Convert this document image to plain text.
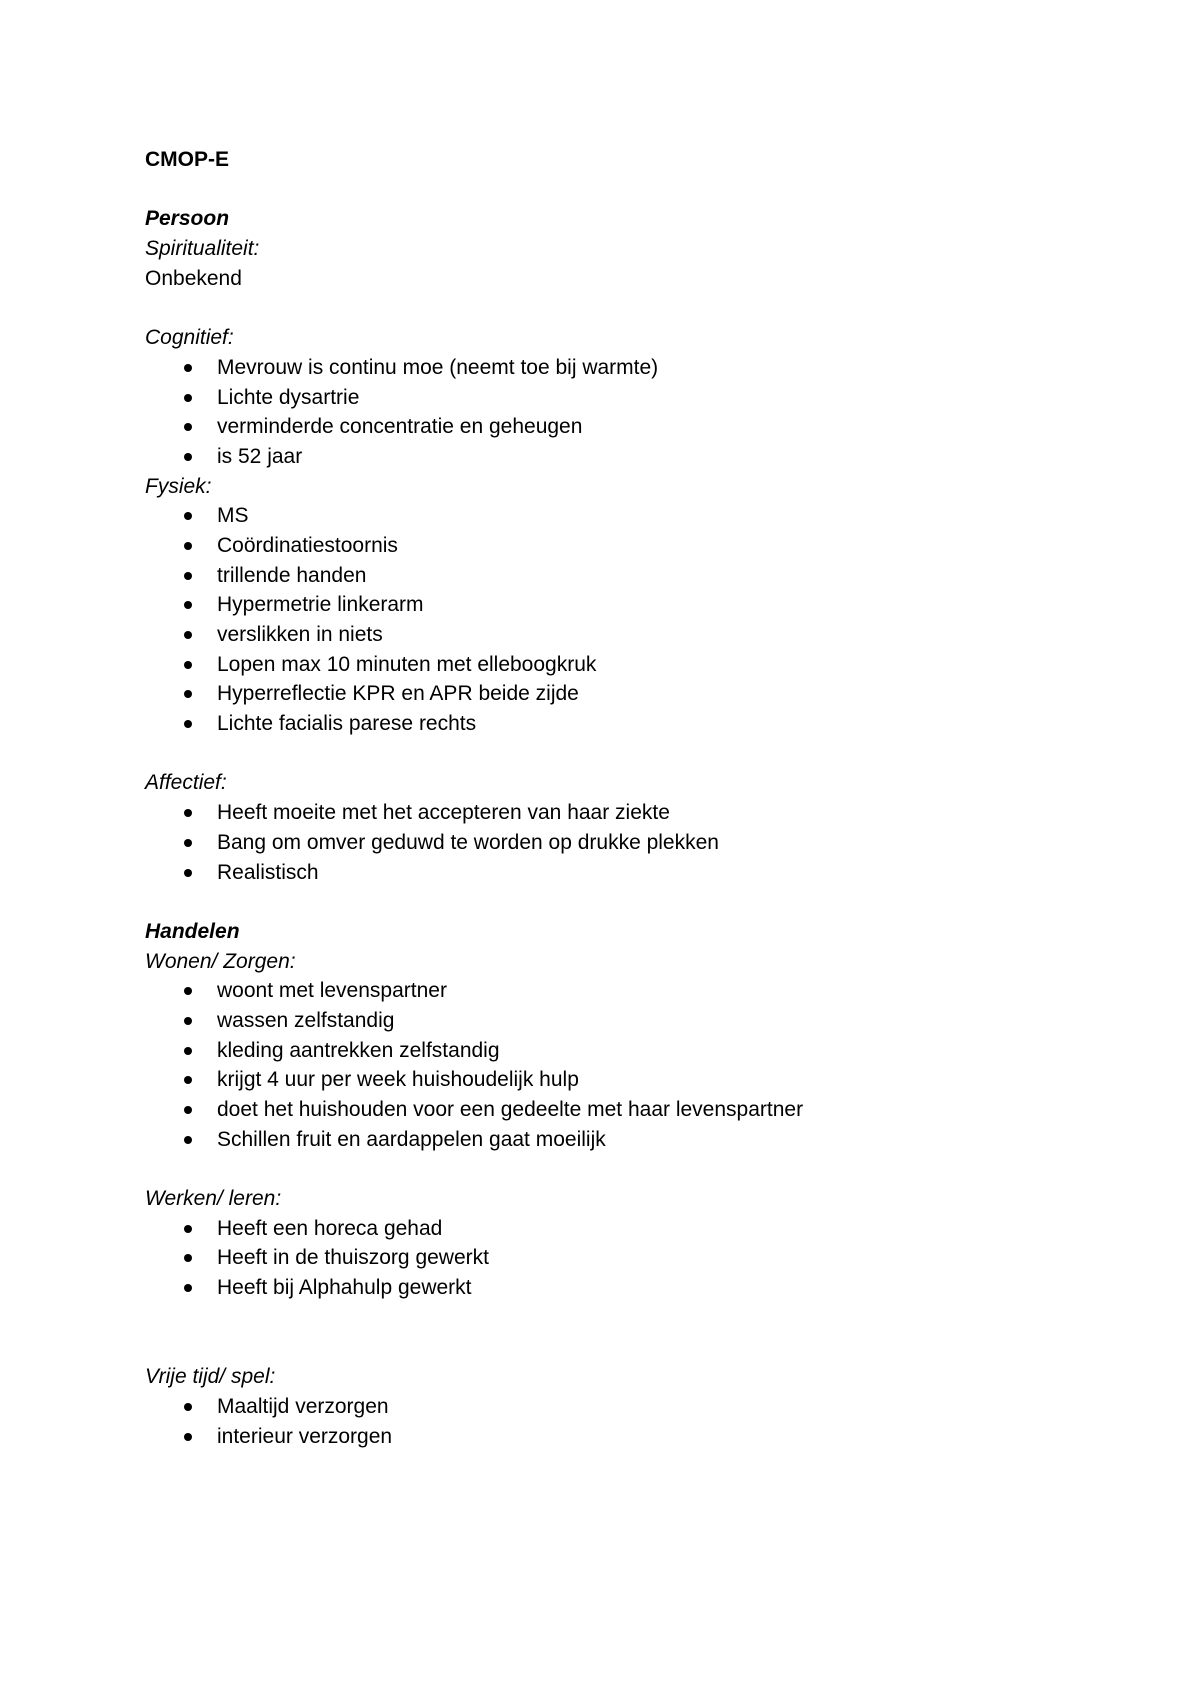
CMOP-E
Persoon
Spiritualiteit:
Onbekend
Cognitief:
Mevrouw is continu moe (neemt toe bij warmte)
Lichte dysartrie
verminderde concentratie en geheugen
is 52 jaar
Fysiek:
MS
Coördinatiestoornis
trillende handen
Hypermetrie linkerarm
verslikken in niets
Lopen max 10 minuten met elleboogkruk
Hyperreflectie KPR en APR beide zijde
Lichte facialis parese rechts
Affectief:
Heeft moeite met het accepteren van haar ziekte
Bang om omver geduwd te worden op drukke plekken
Realistisch
Handelen
Wonen/ Zorgen:
woont met levenspartner
wassen zelfstandig
kleding aantrekken zelfstandig
krijgt 4 uur per week huishoudelijk hulp
doet het huishouden voor een gedeelte met haar levenspartner
Schillen fruit en aardappelen gaat moeilijk
Werken/ leren:
Heeft een horeca gehad
Heeft in de thuiszorg gewerkt
Heeft bij Alphahulp gewerkt
Vrije tijd/ spel:
Maaltijd verzorgen
interieur verzorgen
